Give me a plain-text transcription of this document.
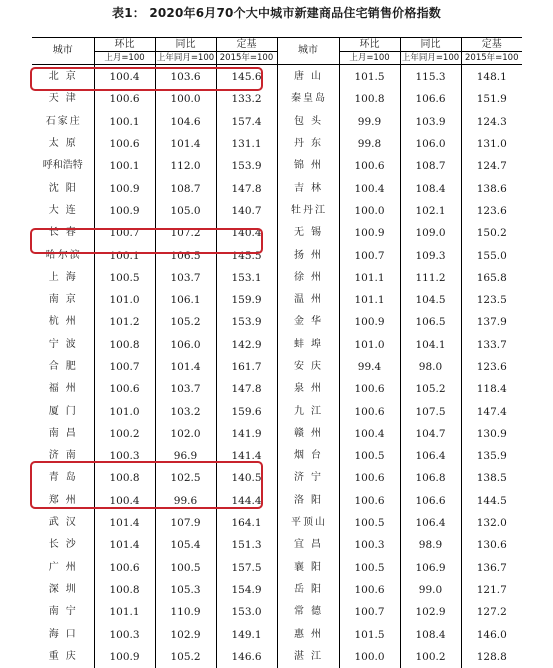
表1： 2020年6月70个大中城市新建商品住宅销售价格指数
城市	环比	同比	定基	城市	环比	同比	定基
	上月=100	上年同月=100	2015年=100		上月=100	上年同月=100	2015年=100
北京	100.4	103.6	145.6	唐山	101.5	115.3	148.1
天津	100.6	100.0	133.2	秦皇岛	100.8	106.6	151.9
石家庄	100.1	104.6	157.4	包头	99.9	103.9	124.3
太原	100.6	101.4	131.1	丹东	99.8	106.0	131.0
呼和浩特	100.1	112.0	153.9	锦州	100.6	108.7	124.7
沈阳	100.9	108.7	147.8	吉林	100.4	108.4	138.6
大连	100.9	105.0	140.7	牡丹江	100.0	102.1	123.6
长春	100.7	107.2	140.4	无锡	100.9	109.0	150.2
哈尔滨	100.1	106.5	145.5	扬州	100.7	109.3	155.0
上海	100.5	103.7	153.1	徐州	101.1	111.2	165.8
南京	101.0	106.1	159.9	温州	101.1	104.5	123.5
杭州	101.2	105.2	153.9	金华	100.9	106.5	137.9
宁波	100.8	106.0	142.9	蚌埠	101.0	104.1	133.7
合肥	100.7	101.4	161.7	安庆	99.4	98.0	123.6
福州	100.6	103.7	147.8	泉州	100.6	105.2	118.4
厦门	101.0	103.2	159.6	九江	100.6	107.5	147.4
南昌	100.2	102.0	141.9	赣州	100.4	104.7	130.9
济南	100.3	96.9	141.4	烟台	100.5	106.4	135.9
青岛	100.8	102.5	140.5	济宁	100.6	106.8	138.5
郑州	100.4	99.6	144.4	洛阳	100.6	106.6	144.5
武汉	101.4	107.9	164.1	平顶山	100.5	106.4	132.0
长沙	101.4	105.4	151.3	宜昌	100.3	98.9	130.6
广州	100.6	100.5	157.5	襄阳	100.5	106.9	136.7
深圳	100.8	105.3	154.9	岳阳	100.6	99.0	121.7
南宁	101.1	110.9	153.0	常德	100.7	102.9	127.2
海口	100.3	102.9	149.1	惠州	101.5	108.4	146.0
重庆	100.9	105.2	146.6	湛江	100.0	100.2	128.8
